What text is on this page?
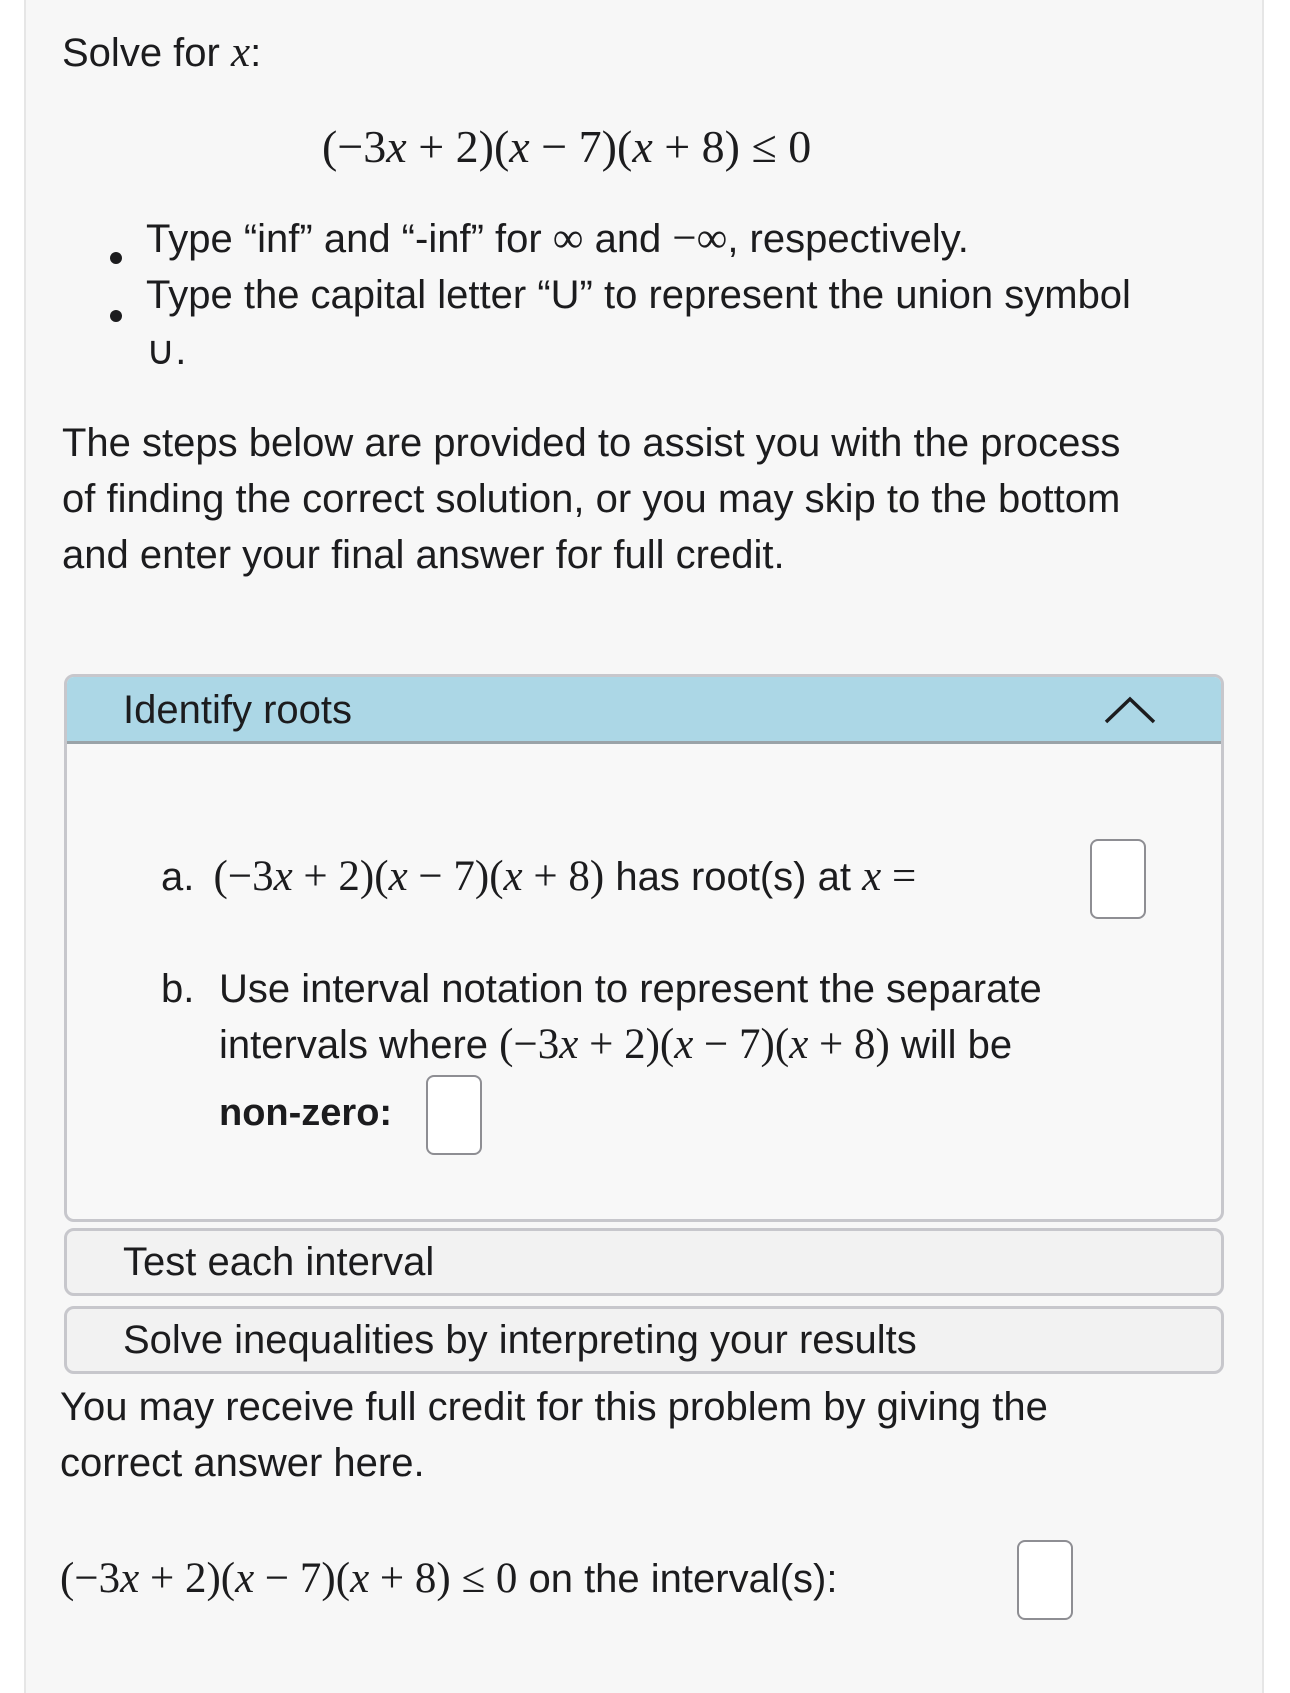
Solve for x:
(−3x + 2)(x − 7)(x + 8) ≤ 0
Type “inf” and “-inf” for ∞ and −∞, respectively.
Type the capital letter “U” to represent the union symbol
∪.
The steps below are provided to assist you with the process
of finding the correct solution, or you may skip to the bottom
and enter your final answer for full credit.
Identify roots
a. (−3x + 2)(x − 7)(x + 8) has root(s) at x =
b. Use interval notation to represent the separate
intervals where (−3x + 2)(x − 7)(x + 8) will be
non-zero:
Test each interval
Solve inequalities by interpreting your results
You may receive full credit for this problem by giving the
correct answer here.
(−3x + 2)(x − 7)(x + 8) ≤ 0 on the interval(s):
